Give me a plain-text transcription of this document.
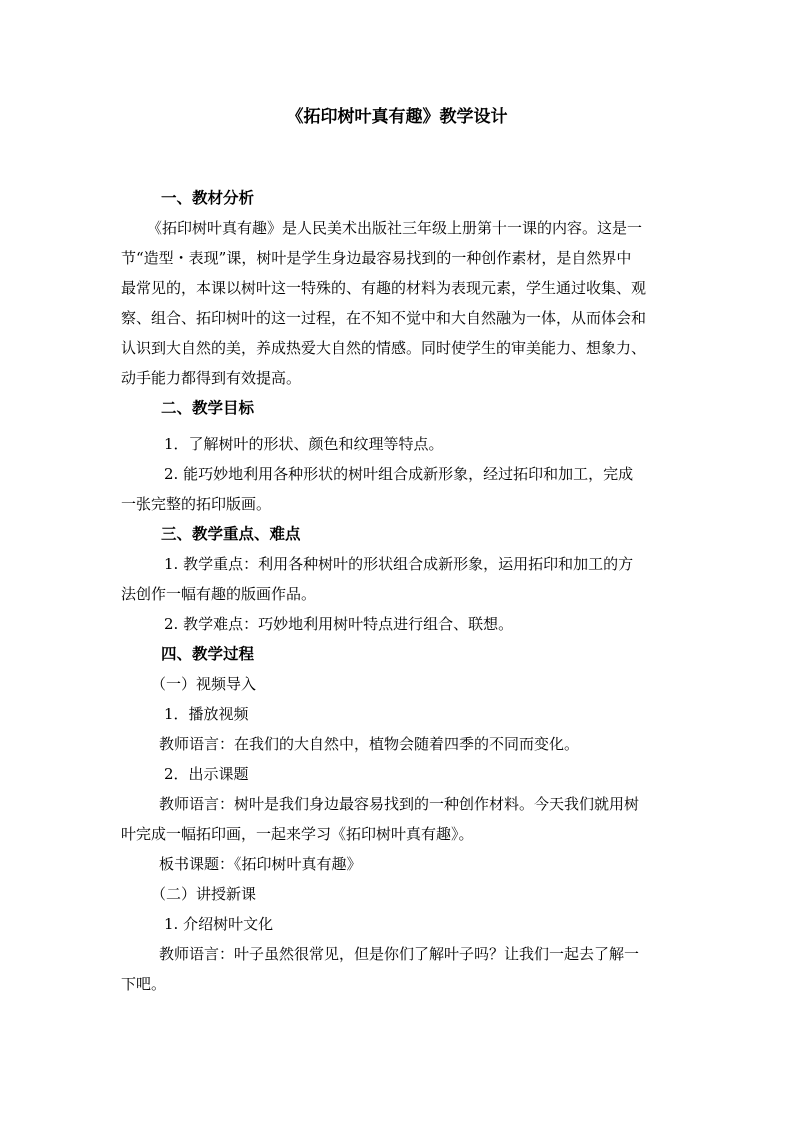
《拓印树叶真有趣》教学设计

一、教材分析

《拓印树叶真有趣》是人民美术出版社三年级上册第十一课的内容。这是一

节“造型・表现”课，树叶是学生身边最容易找到的一种创作素材，是自然界中

最常见的，本课以树叶这一特殊的、有趣的材料为表现元素，学生通过收集、观

察、组合、拓印树叶的这一过程，在不知不觉中和大自然融为一体，从而体会和

认识到大自然的美，养成热爱大自然的情感。同时使学生的审美能力、想象力、

动手能力都得到有效提高。

二、教学目标

1．了解树叶的形状、颜色和纹理等特点。

2. 能巧妙地利用各种形状的树叶组合成新形象，经过拓印和加工，完成

一张完整的拓印版画。

三、教学重点、难点

1. 教学重点：利用各种树叶的形状组合成新形象，运用拓印和加工的方

法创作一幅有趣的版画作品。

2. 教学难点：巧妙地利用树叶特点进行组合、联想。

四、教学过程

（一）视频导入

1．播放视频

教师语言：在我们的大自然中，植物会随着四季的不同而变化。

2．出示课题

教师语言：树叶是我们身边最容易找到的一种创作材料。今天我们就用树

叶完成一幅拓印画，一起来学习《拓印树叶真有趣》。

板书课题：《拓印树叶真有趣》

（二）讲授新课

1. 介绍树叶文化

教师语言：叶子虽然很常见，但是你们了解叶子吗？让我们一起去了解一

下吧。
